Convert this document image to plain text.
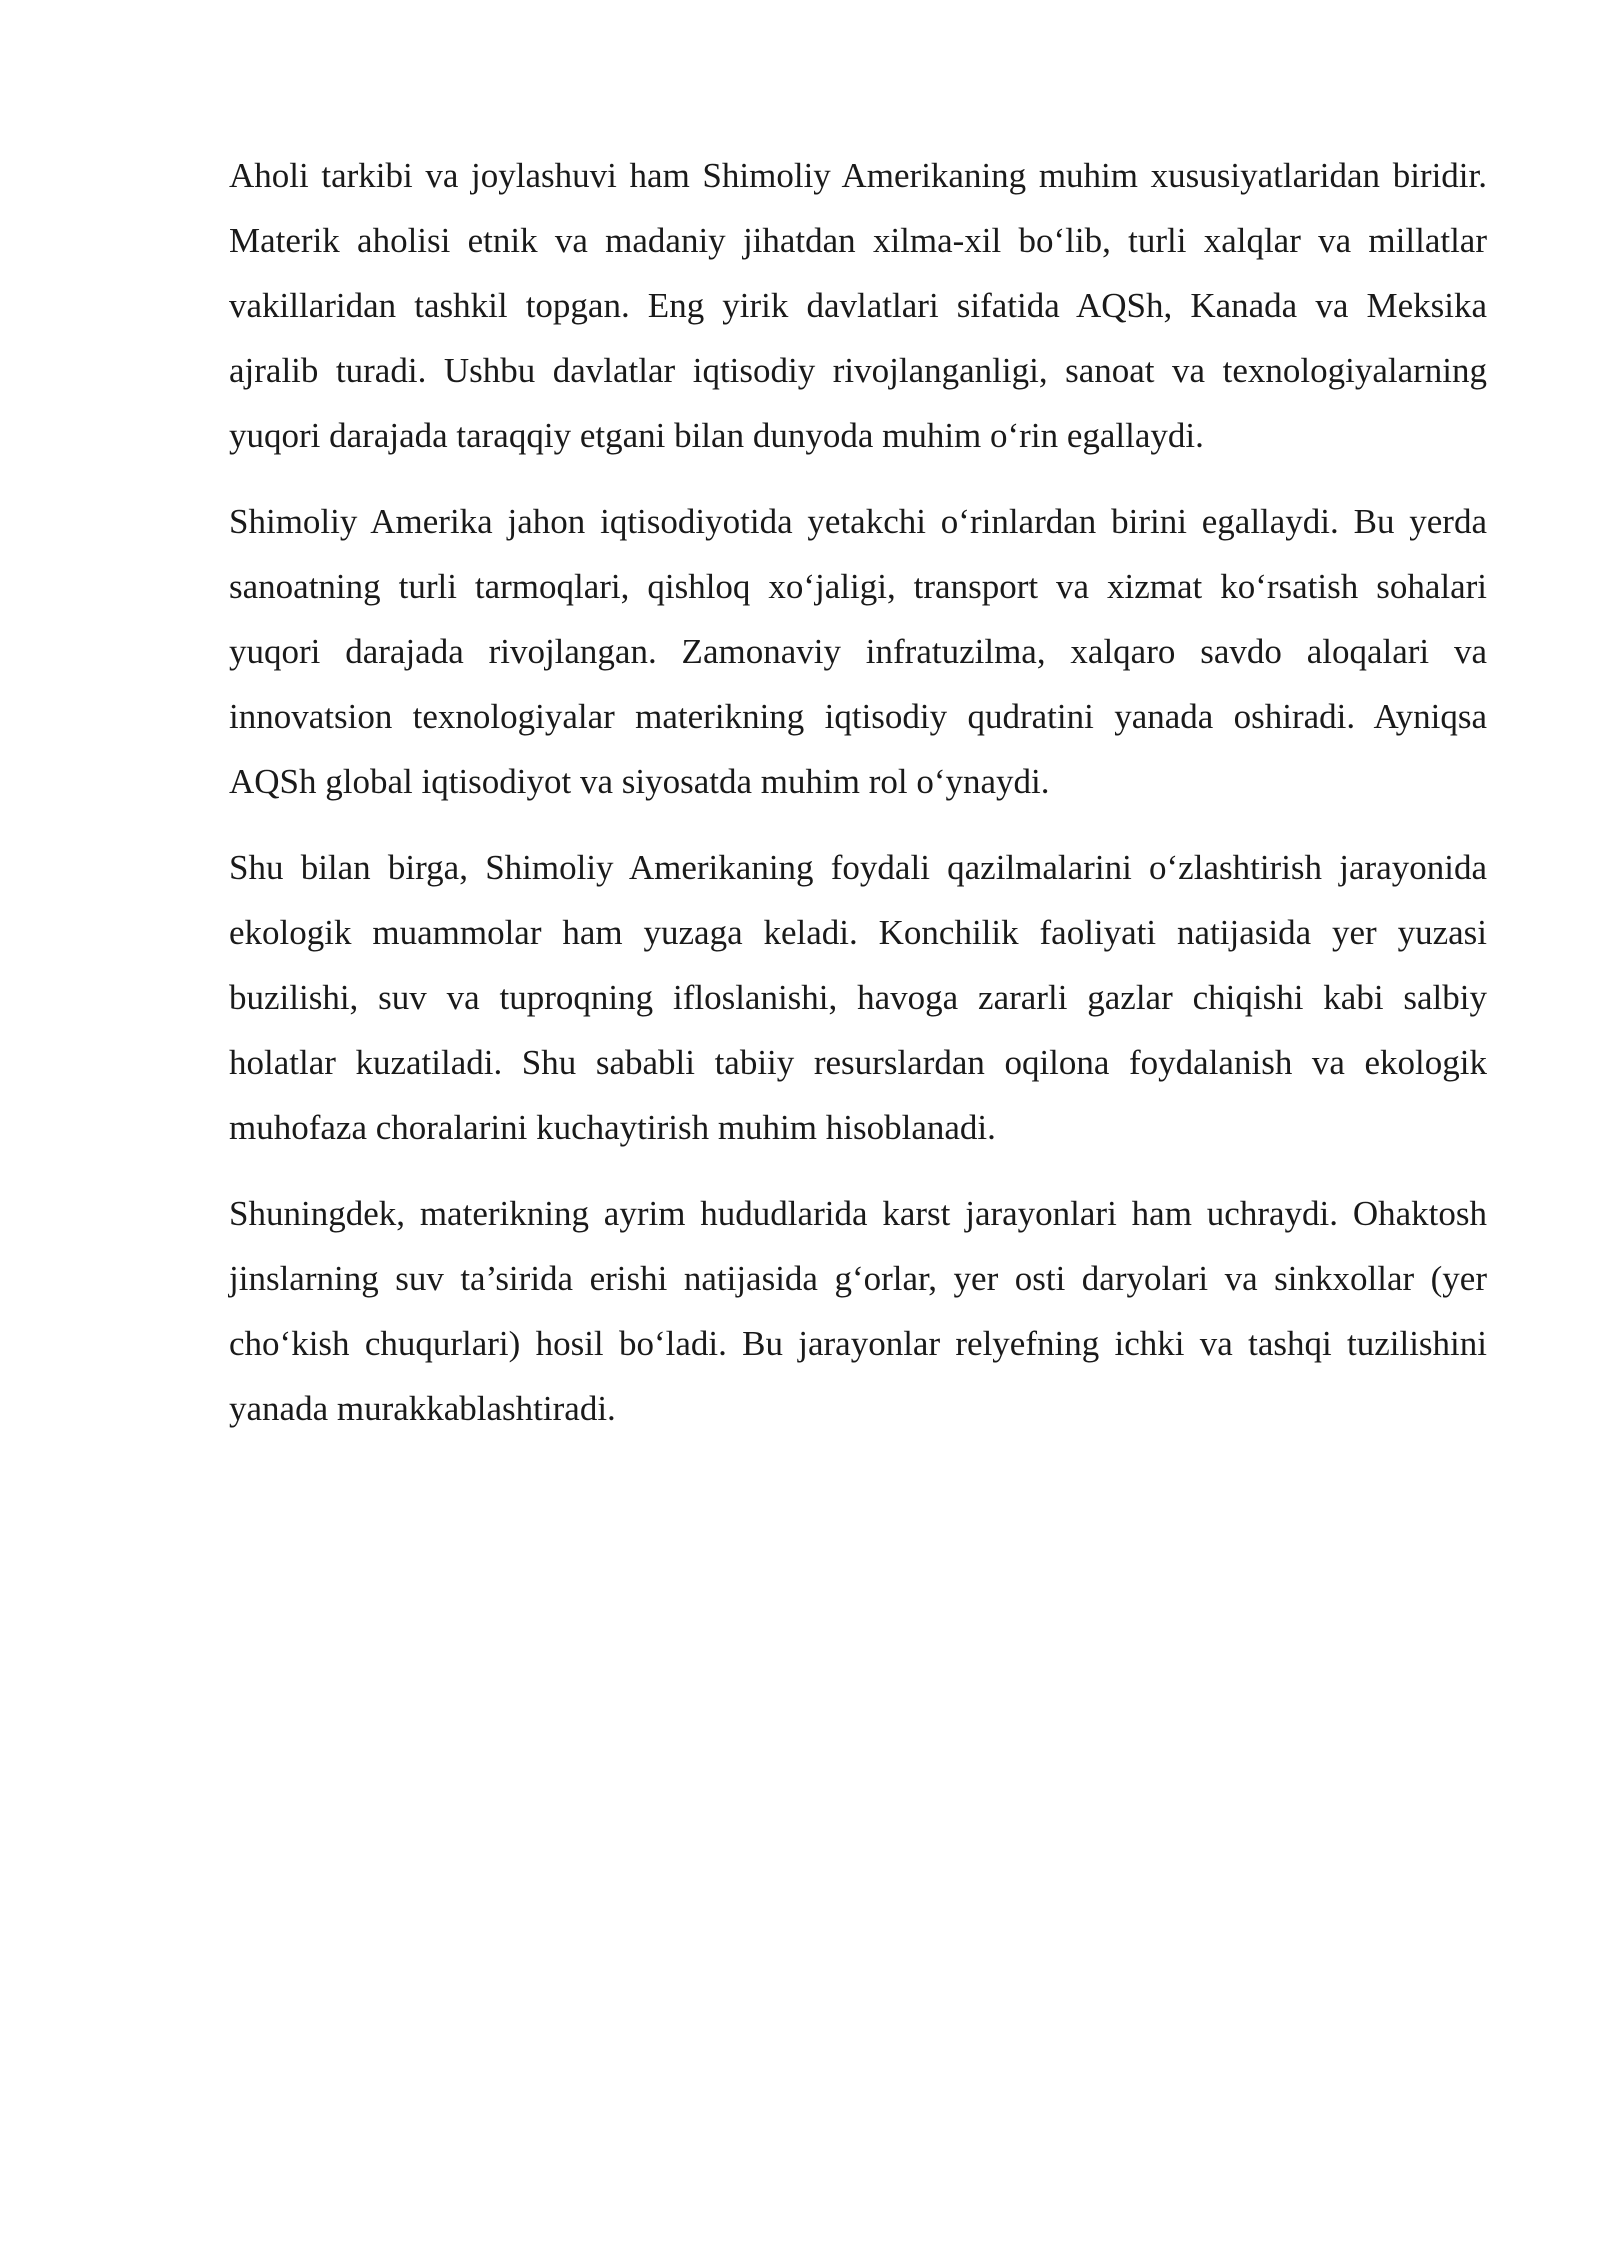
Aholi tarkibi va joylashuvi ham Shimoliy Amerikaning muhim xususiyatlaridan biridir. Materik aholisi etnik va madaniy jihatdan xilma-xil bo‘lib, turli xalqlar va millatlar vakillaridan tashkil topgan. Eng yirik davlatlari sifatida AQSh, Kanada va Meksika ajralib turadi. Ushbu davlatlar iqtisodiy rivojlanganligi, sanoat va texnologiyalarning yuqori darajada taraqqiy etgani bilan dunyoda muhim o‘rin egallaydi.

Shimoliy Amerika jahon iqtisodiyotida yetakchi o‘rinlardan birini egallaydi. Bu yerda sanoatning turli tarmoqlari, qishloq xo‘jaligi, transport va xizmat ko‘rsatish sohalari yuqori darajada rivojlangan. Zamonaviy infratuzilma, xalqaro savdo aloqalari va innovatsion texnologiyalar materikning iqtisodiy qudratini yanada oshiradi. Ayniqsa AQSh global iqtisodiyot va siyosatda muhim rol o‘ynaydi.

Shu bilan birga, Shimoliy Amerikaning foydali qazilmalarini o‘zlashtirish jarayonida ekologik muammolar ham yuzaga keladi. Konchilik faoliyati natijasida yer yuzasi buzilishi, suv va tuproqning ifloslanishi, havoga zararli gazlar chiqishi kabi salbiy holatlar kuzatiladi. Shu sababli tabiiy resurslardan oqilona foydalanish va ekologik muhofaza choralarini kuchaytirish muhim hisoblanadi.

Shuningdek, materikning ayrim hududlarida karst jarayonlari ham uchraydi. Ohaktosh jinslarning suv ta’sirida erishi natijasida g‘orlar, yer osti daryolari va sinkxollar (yer cho‘kish chuqurlari) hosil bo‘ladi. Bu jarayonlar relyefning ichki va tashqi tuzilishini yanada murakkablashtiradi.
